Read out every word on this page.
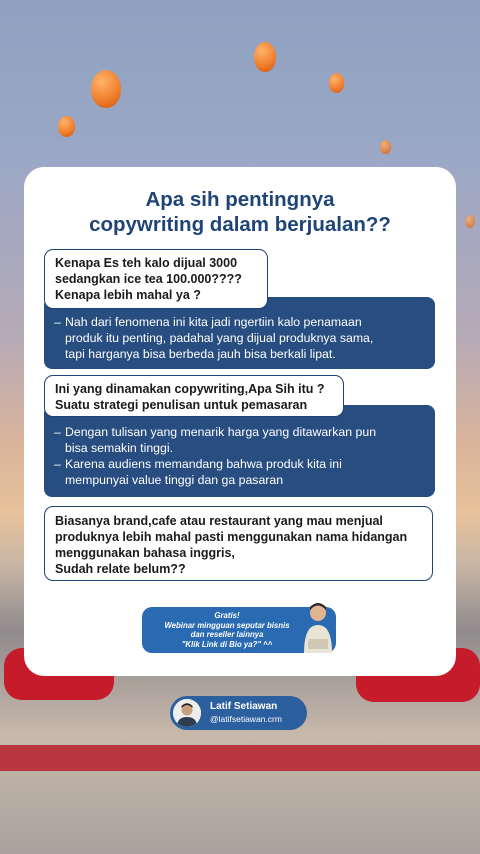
Apa sih pentingnya
copywriting dalam berjualan??
– Nah dari fenomena ini kita jadi ngertiin kalo penamaan
produk itu penting, padahal yang dijual produknya sama,
tapi harganya bisa berbeda jauh bisa berkali lipat.
Kenapa Es teh kalo dijual 3000
sedangkan ice tea 100.000????
Kenapa lebih mahal ya ?
– Dengan tulisan yang menarik harga yang ditawarkan pun
bisa semakin tinggi.
– Karena audiens memandang bahwa produk kita ini
mempunyai value tinggi dan ga pasaran
Ini yang dinamakan copywriting,Apa Sih itu ?
Suatu strategi penulisan untuk pemasaran
Biasanya brand,cafe atau restaurant yang mau menjual
produknya lebih mahal pasti menggunakan nama hidangan
menggunakan bahasa inggris,
Sudah relate belum??
Gratis!
Webinar mingguan seputar bisnis
dan reseller lainnya
"Klik Link di Bio ya?" ^^
Latif Setiawan
@latifsetiawan.crm
